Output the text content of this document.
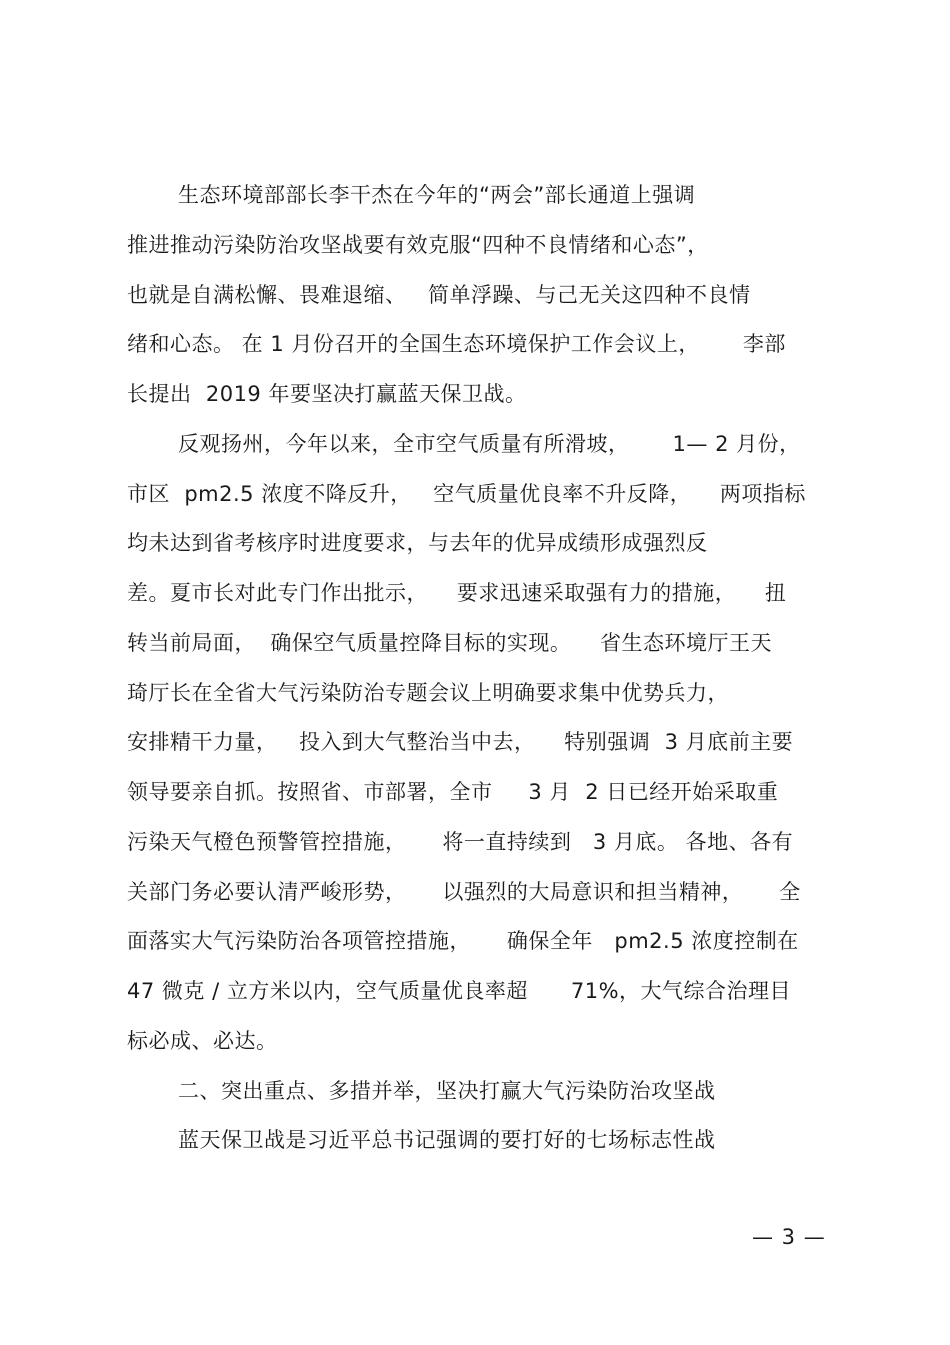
生态环境部部长李干杰在今年的“两会”部长通道上强调
推进推动污染防治攻坚战要有效克服“四种不良情绪和心态”，
也就是自满松懈、畏难退缩、   简单浮躁、与己无关这四种不良情
绪和心态。 在 1 月份召开的全国生态环境保护工作会议上，      李部
长提出  2019 年要坚决打赢蓝天保卫战。
反观扬州，今年以来，全市空气质量有所滑坡，      1— 2 月份，
市区  pm2.5 浓度不降反升，   空气质量优良率不升反降，    两项指标
均未达到省考核序时进度要求，与去年的优异成绩形成强烈反
差。夏市长对此专门作出批示，    要求迅速采取强有力的措施，    扭
转当前局面，  确保空气质量控降目标的实现。    省生态环境厅王天
琦厅长在全省大气污染防治专题会议上明确要求集中优势兵力，
安排精干力量，   投入到大气整治当中去，    特别强调  3 月底前主要
领导要亲自抓。按照省、市部署，全市     3 月  2 日已经开始采取重
污染天气橙色预警管控措施，     将一直持续到   3 月底。 各地、各有
关部门务必要认清严峻形势，     以强烈的大局意识和担当精神，     全
面落实大气污染防治各项管控措施，     确保全年   pm2.5 浓度控制在
47 微克 / 立方米以内，空气质量优良率超      71%，大气综合治理目
标必成、必达。
二、突出重点、多措并举，坚决打赢大气污染防治攻坚战
蓝天保卫战是习近平总书记强调的要打好的七场标志性战
— 3 —
